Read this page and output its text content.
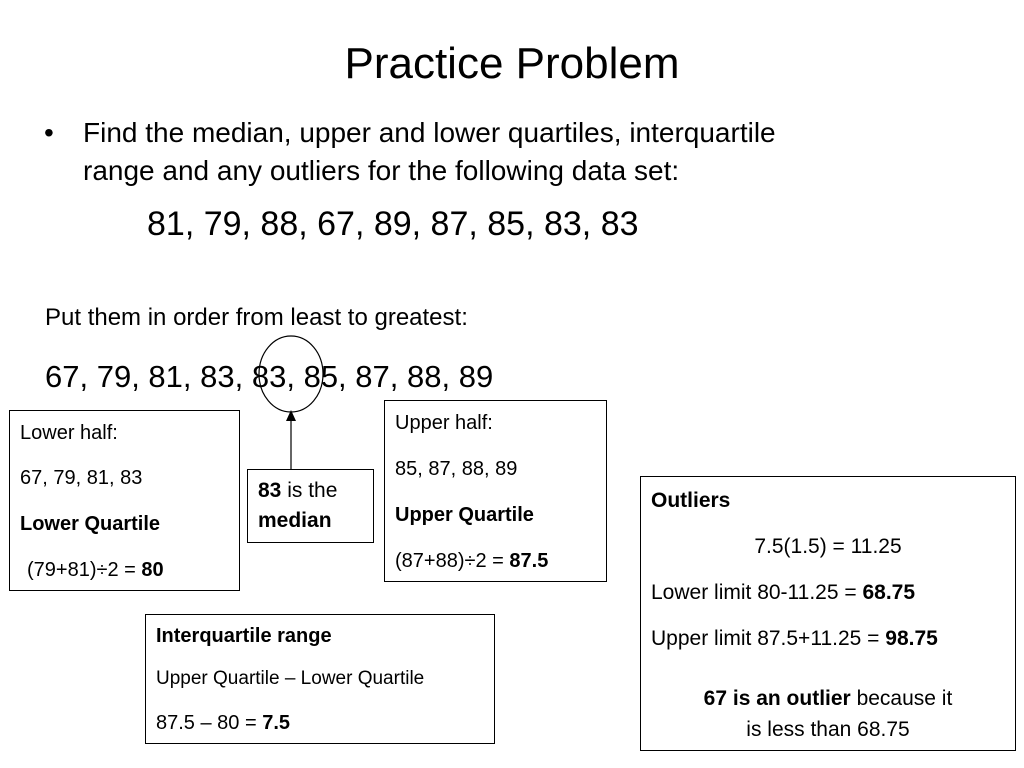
Practice Problem
• Find the median, upper and lower quartiles, interquartile
range and any outliers for the following data set:
81, 79, 88, 67, 89, 87, 85, 83, 83
Put them in order from least to greatest:
67, 79, 81, 83, 83, 85, 87, 88, 89

Lower half:

67, 79, 81, 83

Lower Quartile

(79+81)÷2 = 80

83 is the

median

Upper half:

85, 87, 88, 89

Upper Quartile

(87+88)÷2 = 87.5

Interquartile range

Upper Quartile – Lower Quartile

87.5 – 80 = 7.5

Outliers

7.5(1.5) = 11.25

Lower limit 80-11.25 = 68.75

Upper limit 87.5+11.25 = 98.75

67 is an outlier because it

is less than 68.75
